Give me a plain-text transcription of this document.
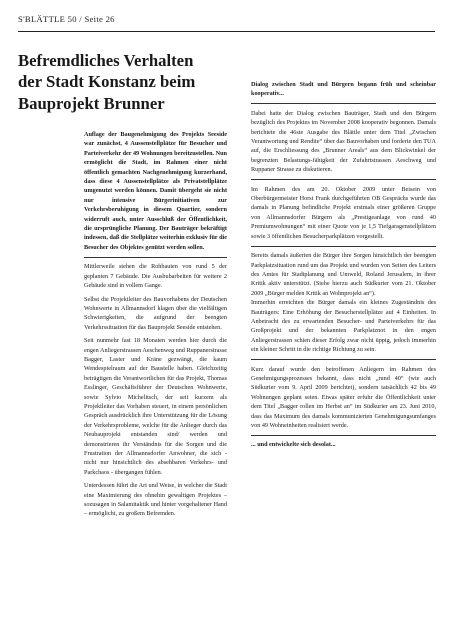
S'BLÄTTLE 50 / Seite 26
Befremdliches Verhalten der Stadt Konstanz beim Bauprojekt Brunner

Auflage der Baugenehmigung des Projekts Seeside war zunächst, 4 Aussenstellplätze für Besucher und Parteiverkehr der 49 Wohnungen bereitzustellen. Nun ermöglicht die Stadt, im Rahmen einer nicht öffentlich gemachten Nachgenehmigung kurzerhand, dass diese 4 Aussenstellplätze als Privatstellplätze umgenutzt werden können. Damit übergeht sie nicht nur intensive Bürgerinitiativen zur Verkehrsberuhigung in diesem Quartier, sondern widerruft auch, unter Ausschluß der Öffentlichkeit, die ursprüngliche Planung. Der Bauträger bekräftigt indessen, daß die Stellplätze weiterhin exklusiv für die Besucher des Objektes genützt werden sollen.

Mittlerweile stehen die Rohbauten von rund 5 der geplanten 7 Gebäude. Die Ausbubarbeiten für weitere 2 Gebäude sind in vollem Gange.

Selbst die Projektleiter des Bauvorhabens der Deutschen Wohnwerte in Allmannsdorf klagen über die vielfältigen Schwierigkeiten, die aufgrund der beengten Verkehrssituation für das Bauprojekt Seeside entstehen.

Seit nunmehr fast 18 Monaten werden hier durch die engen Anliegerstrassen Aeschenweg und Ruppanerstrasse Bagger, Laster und Kräne gezwängt, die kaum Wendespielraum auf der Baustelle haben. Gleichzeitig beträgtigen die Verantwortlichen für das Projekt, Thomas Esslinger, Geschäftsführer der Deutschen Wohnwerte, sowie Sylvio Michelitsch, der seit kurzem als Projektleiter das Vorhaben steuert, in einem persönlichen Gespräch ausdrücklich ihre Unterstützung für die Lösung der Verkehrsprobleme, welche für die Anlieger durch das Neubauprojekt entstanden sind/ werden und demonstrieren ihr Verständnis für die Sorgen und die Frustration der Allmannsdorfer Anwohner, die sich - nicht nur hinsichtlich des absehbaren Verkehrs- und Parkchaos - übergangen fühlen.

Unterdessen führt die Art und Weise, in welcher die Stadt eine Maximierung des ohnehin gewaltigen Projektes – sozusagen in Salamitaktik und hinter vorgehaltener Hand – ermöglicht, zu großem Befremden.

Dialog zwischen Stadt und Bürgern begann früh und scheinbar kooperativ...

Dabei hatte der Dialog zwischen Bauträger, Stadt und den Bürgern bezüglich des Projektes im November 2008 kooperativ begonnen. Damals berichtete die 46ste Ausgabe des Blättle unter dem Titel „Zwischen Verantwortung und Rendite“ über das Bauvorhaben und forderte den TUA auf, die Erschliessung des „Brunner Areals“ aus dem Blickwinkel der begrenzten Belastungs-fähigkeit der Zufahrtstrassen Aeschweg und Ruppaner Strasse zu diskutieren.

Im Rahmen des am 20. Oktober 2009 unter Beisein von Oberbürgermeister Horst Frank durchgeführten OB Gesprächs wurde das damals in Planung befindliche Projekt erstmals einer größeren Gruppe von Allmannsdorfer Bürgern als „Prestigeanlage von rund 40 Premiumwohnungen“ mit einer Quote von je 1,5 Tiefgaragenstellplätzen sowie 3 öffentlichen Besucherparkplätzen vorgestellt.

Bereits damals äußerten die Bürger ihre Sorgen hinsichtlich der beengten Parkplatzsituation rund um das Projekt und wurden von Seiten des Leiters des Amtes für Stadtplanung und Umweld, Roland Jerusalem, in ihrer Kritik aktiv unterstützt. (Siehe hierzu auch Südkurier vom 21. Oktober 2009 „Bürger melden Kritik an Wohnprojekt an“).

Immerhin erreichten die Bürger damals ein kleines Zugeständnis des Bauträgers: Eine Erhöhung der Besucherstellplätze auf 4 Einheiten. In Anbetracht des zu erwartenden Besucher- und Parteiverkehrs für das Großprojekt und der bekannten Parkplatznot in den engen Anliegerstrassen schien dieser Erfolg zwar nicht üppig, jedoch immerhin ein kleiner Schritt in die richtige Richtung zu sein.

Kurz darauf wurde den betroffenen Anliegern im Rahmen des Genehmigungsprozesses bekannt, dass nicht „rund 40“ (wie auch Südkurier vom 9. April 2009 berichtet), sondern tatsächlich 42 bis 49 Wohnungen geplant seien. Etwas später erfuhr die Öffentlichkeit unter dem Titel „Bagger rollen im Herbst an“ im Südkurier am 23. Juni 2010, dass das Maximum des damals kommunizierten Genehmigungsumfanges von 49 Wohneinheiten realisiert werde.

... und entwickelte sich desolat...
